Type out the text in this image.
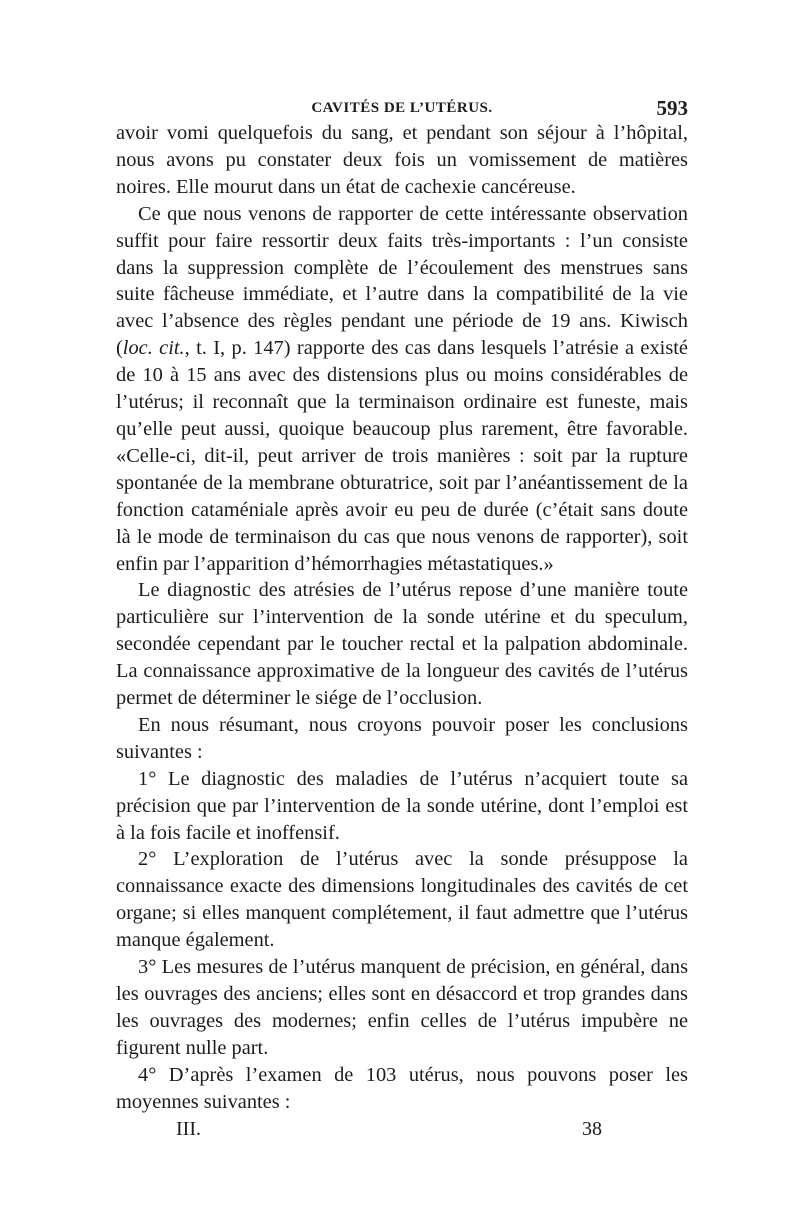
CAVITÉS DE L’UTÉRUS.	593

avoir vomi quelquefois du sang, et pendant son séjour à l’hôpital, nous avons pu constater deux fois un vomissement de matières noires. Elle mourut dans un état de cachexie cancéreuse.

Ce que nous venons de rapporter de cette intéressante observation suffit pour faire ressortir deux faits très-importants : l’un consiste dans la suppression complète de l’écoulement des menstrues sans suite fâcheuse immédiate, et l’autre dans la compatibilité de la vie avec l’absence des règles pendant une période de 19 ans. Kiwisch (loc. cit., t. I, p. 147) rapporte des cas dans lesquels l’atrésie a existé de 10 à 15 ans avec des distensions plus ou moins considérables de l’utérus; il reconnaît que la terminaison ordinaire est funeste, mais qu’elle peut aussi, quoique beaucoup plus rarement, être favorable. «Celle-ci, dit-il, peut arriver de trois manières : soit par la rupture spontanée de la membrane obturatrice, soit par l’anéantissement de la fonction cataméniale après avoir eu peu de durée (c’était sans doute là le mode de terminaison du cas que nous venons de rapporter), soit enfin par l’apparition d’hémorrhagies métastatiques.»

Le diagnostic des atrésies de l’utérus repose d’une manière toute particulière sur l’intervention de la sonde utérine et du speculum, secondée cependant par le toucher rectal et la palpation abdominale. La connaissance approximative de la longueur des cavités de l’utérus permet de déterminer le siége de l’occlusion.

En nous résumant, nous croyons pouvoir poser les conclusions suivantes :

1° Le diagnostic des maladies de l’utérus n’acquiert toute sa précision que par l’intervention de la sonde utérine, dont l’emploi est à la fois facile et inoffensif.

2° L’exploration de l’utérus avec la sonde présuppose la connaissance exacte des dimensions longitudinales des cavités de cet organe; si elles manquent complétement, il faut admettre que l’utérus manque également.

3° Les mesures de l’utérus manquent de précision, en général, dans les ouvrages des anciens; elles sont en désaccord et trop grandes dans les ouvrages des modernes; enfin celles de l’utérus impubère ne figurent nulle part.

4° D’après l’examen de 103 utérus, nous pouvons poser les moyennes suivantes :

III.	38
